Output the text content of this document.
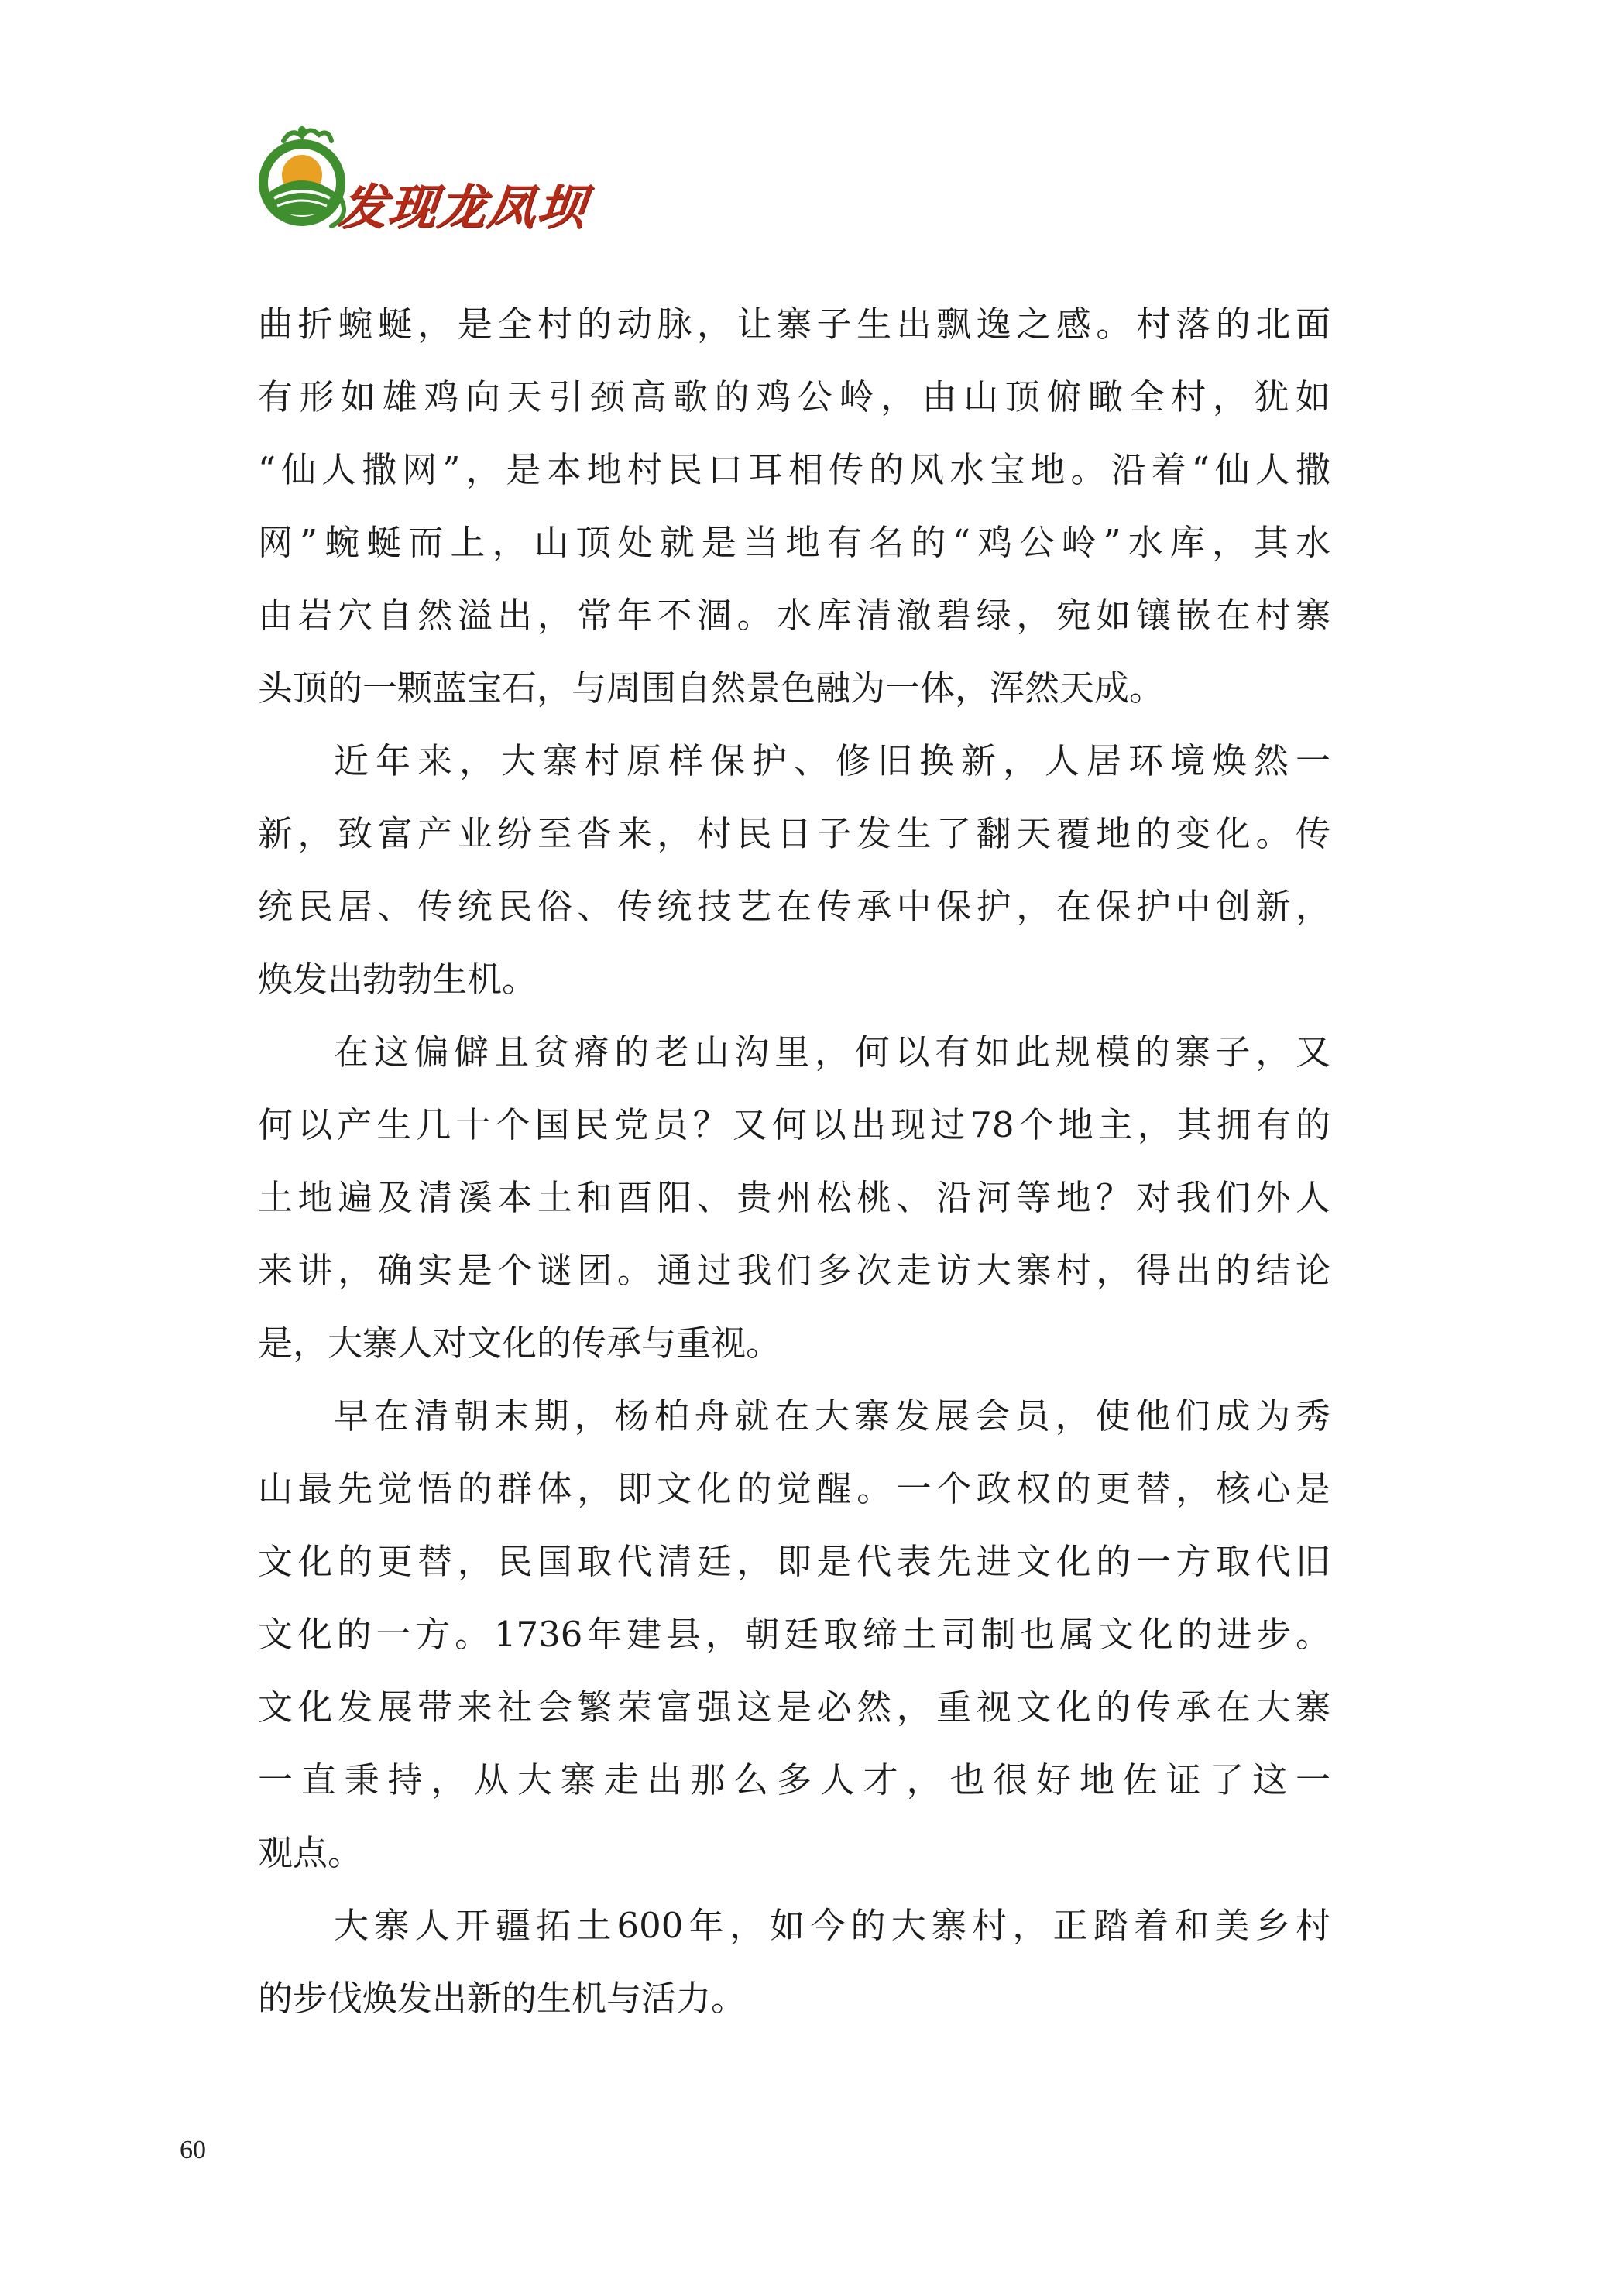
发现龙凤坝
曲折蜿蜒，是全村的动脉，让寨子生出飘逸之感。村落的北面
有形如雄鸡向天引颈高歌的鸡公岭，由山顶俯瞰全村，犹如
“仙人撒网”，是本地村民口耳相传的风水宝地。沿着“仙人撒
网”蜿蜒而上，山顶处就是当地有名的“鸡公岭”水库，其水
由岩穴自然溢出，常年不涸。水库清澈碧绿，宛如镶嵌在村寨
头顶的一颗蓝宝石，与周围自然景色融为一体，浑然天成。
近年来，大寨村原样保护、修旧换新，人居环境焕然一
新，致富产业纷至沓来，村民日子发生了翻天覆地的变化。传
统民居、传统民俗、传统技艺在传承中保护，在保护中创新，
焕发出勃勃生机。
在这偏僻且贫瘠的老山沟里，何以有如此规模的寨子，又
何以产生几十个国民党员？又何以出现过78个地主，其拥有的
土地遍及清溪本土和酉阳、贵州松桃、沿河等地？对我们外人
来讲，确实是个谜团。通过我们多次走访大寨村，得出的结论
是，大寨人对文化的传承与重视。
早在清朝末期，杨柏舟就在大寨发展会员，使他们成为秀
山最先觉悟的群体，即文化的觉醒。一个政权的更替，核心是
文化的更替，民国取代清廷，即是代表先进文化的一方取代旧
文化的一方。1736年建县，朝廷取缔土司制也属文化的进步。
文化发展带来社会繁荣富强这是必然，重视文化的传承在大寨
一直秉持，从大寨走出那么多人才，也很好地佐证了这一
观点。
大寨人开疆拓土600年，如今的大寨村，正踏着和美乡村
的步伐焕发出新的生机与活力。
60
